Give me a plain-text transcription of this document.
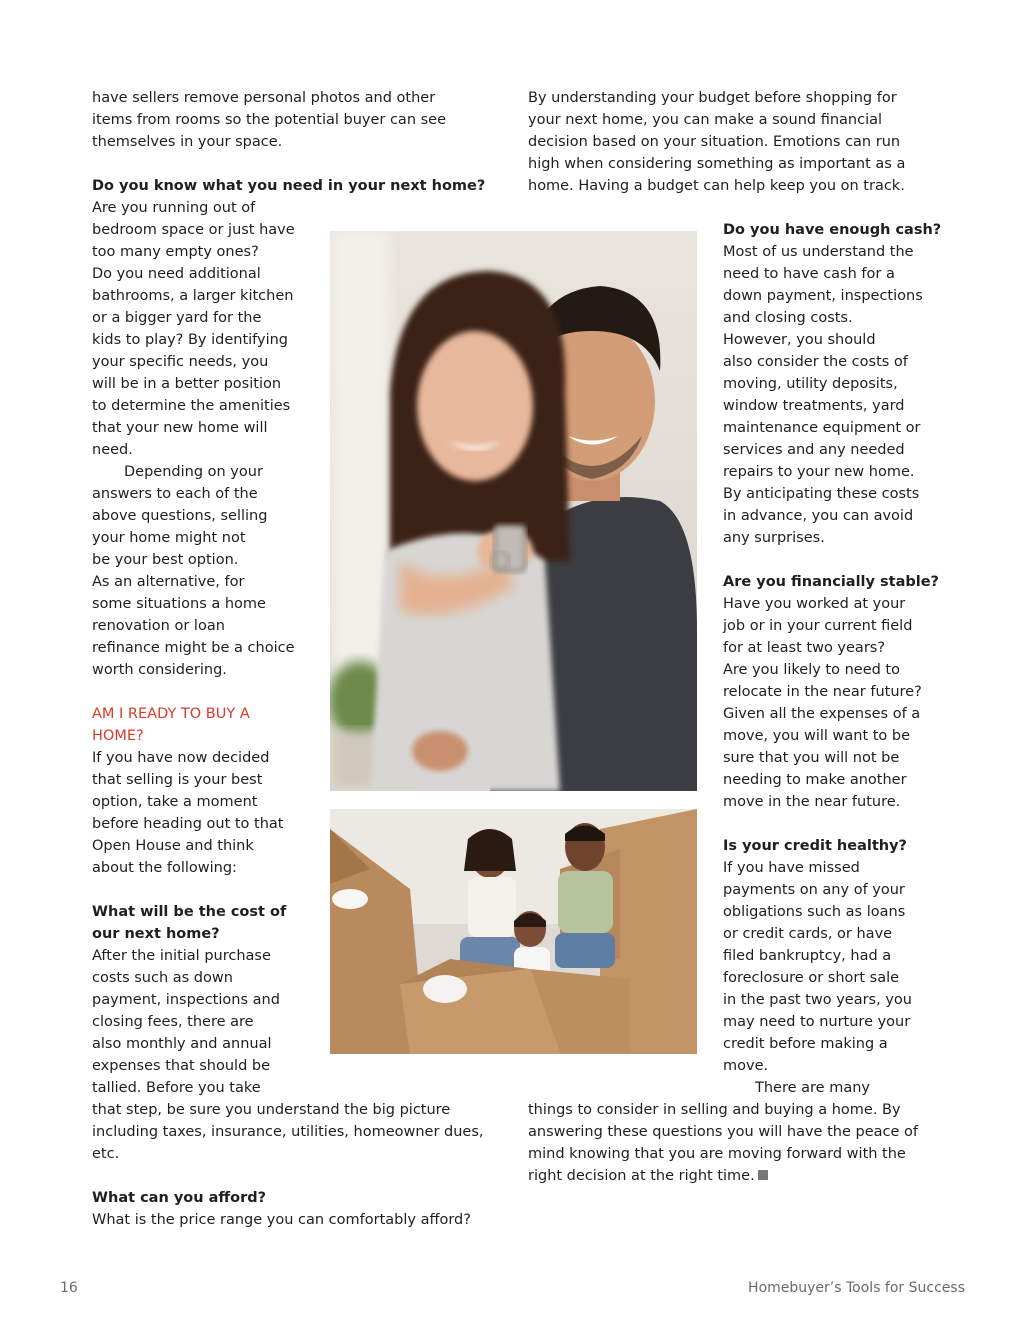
have sellers remove personal photos and other
items from rooms so the potential buyer can see
themselves in your space.
Do you know what you need in your next home?
Are you running out of
bedroom space or just have
too many empty ones?
Do you need additional
bathrooms, a larger kitchen
or a bigger yard for the
kids to play? By identifying
your specific needs, you
will be in a better position
to determine the amenities
that your new home will
need.
Depending on your
answers to each of the
above questions, selling
your home might not
be your best option.
As an alternative, for
some situations a home
renovation or loan
refinance might be a choice
worth considering.
AM I READY TO BUY A
HOME?
If you have now decided
that selling is your best
option, take a moment
before heading out to that
Open House and think
about the following:
What will be the cost of
our next home?
After the initial purchase
costs such as down
payment, inspections and
closing fees, there are
also monthly and annual
expenses that should be
tallied. Before you take
that step, be sure you understand the big picture
including taxes, insurance, utilities, homeowner dues,
etc.
What can you afford?
What is the price range you can comfortably afford?
By understanding your budget before shopping for
your next home, you can make a sound financial
decision based on your situation. Emotions can run
high when considering something as important as a
home. Having a budget can help keep you on track.
Do you have enough cash?
Most of us understand the
need to have cash for a
down payment, inspections
and closing costs.
However, you should
also consider the costs of
moving, utility deposits,
window treatments, yard
maintenance equipment or
services and any needed
repairs to your new home.
By anticipating these costs
in advance, you can avoid
any surprises.
Are you financially stable?
Have you worked at your
job or in your current field
for at least two years?
Are you likely to need to
relocate in the near future?
Given all the expenses of a
move, you will want to be
sure that you will not be
needing to make another
move in the near future.
Is your credit healthy?
If you have missed
payments on any of your
obligations such as loans
or credit cards, or have
filed bankruptcy, had a
foreclosure or short sale
in the past two years, you
may need to nurture your
credit before making a
move.
There are many
things to consider in selling and buying a home. By
answering these questions you will have the peace of
mind knowing that you are moving forward with the
right decision at the right time.
16	Homebuyer’s Tools for Success
